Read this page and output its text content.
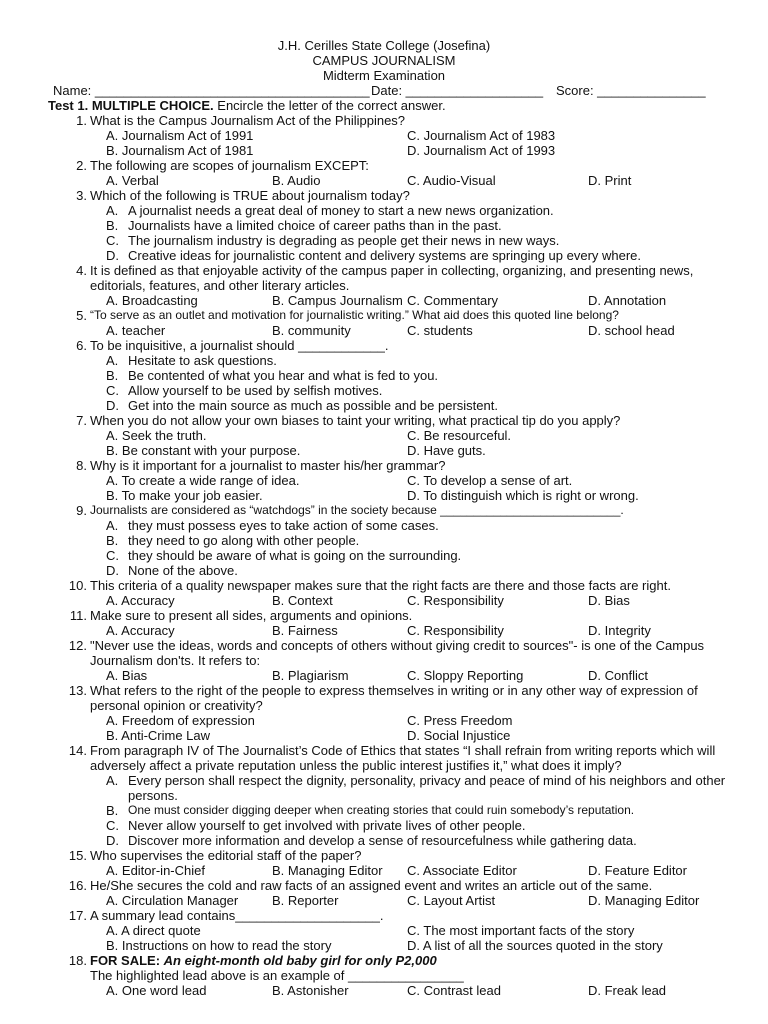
J.H. Cerilles State College (Josefina)
CAMPUS JOURNALISM
Midterm Examination
Name: ______________________________________ Date: ___________________ Score: _______________
Test 1. MULTIPLE CHOICE. Encircle the letter of the correct answer.
1. What is the Campus Journalism Act of the Philippines?
A. Journalism Act of 1991	C. Journalism Act of 1983
B. Journalism Act of 1981	D. Journalism Act of 1993
2. The following are scopes of journalism EXCEPT:
A. Verbal	B. Audio	C. Audio-Visual	D. Print
3. Which of the following is TRUE about journalism today?
A. A journalist needs a great deal of money to start a new news organization.
B. Journalists have a limited choice of career paths than in the past.
C. The journalism industry is degrading as people get their news in new ways.
D. Creative ideas for journalistic content and delivery systems are springing up every where.
4. It is defined as that enjoyable activity of the campus paper in collecting, organizing, and presenting news, editorials, features, and other literary articles.
A. Broadcasting	B. Campus Journalism C. Commentary	D. Annotation
5. “To serve as an outlet and motivation for journalistic writing.” What aid does this quoted line belong?
A. teacher	B. community	C. students	D. school head
6. To be inquisitive, a journalist should ____________.
A. Hesitate to ask questions.
B. Be contented of what you hear and what is fed to you.
C. Allow yourself to be used by selfish motives.
D. Get into the main source as much as possible and be persistent.
7. When you do not allow your own biases to taint your writing, what practical tip do you apply?
A. Seek the truth.	C. Be resourceful.
B. Be constant with your purpose.	D. Have guts.
8. Why is it important for a journalist to master his/her grammar?
A. To create a wide range of idea.	C. To develop a sense of art.
B. To make your job easier.	D. To distinguish which is right or wrong.
9. Journalists are considered as “watchdogs” in the society because ___________________________.
A. they must possess eyes to take action of some cases.
B. they need to go along with other people.
C. they should be aware of what is going on the surrounding.
D. None of the above.
10. This criteria of a quality newspaper makes sure that the right facts are there and those facts are right.
A. Accuracy	B. Context	C. Responsibility	D. Bias
11. Make sure to present all sides, arguments and opinions.
A. Accuracy	B. Fairness	C. Responsibility	D. Integrity
12. "Never use the ideas, words and concepts of others without giving credit to sources"- is one of the Campus Journalism don'ts. It refers to:
A. Bias	B. Plagiarism	C. Sloppy Reporting	D. Conflict
13. What refers to the right of the people to express themselves in writing or in any other way of expression of personal opinion or creativity?
A. Freedom of expression	C. Press Freedom
B. Anti-Crime Law	D. Social Injustice
14. From paragraph IV of The Journalist’s Code of Ethics that states “I shall refrain from writing reports which will adversely affect a private reputation unless the public interest justifies it,” what does it imply?
A. Every person shall respect the dignity, personality, privacy and peace of mind of his neighbors and other persons.
B. One must consider digging deeper when creating stories that could ruin somebody’s reputation.
C. Never allow yourself to get involved with private lives of other people.
D. Discover more information and develop a sense of resourcefulness while gathering data.
15. Who supervises the editorial staff of the paper?
A. Editor-in-Chief	B. Managing Editor C. Associate Editor	D. Feature Editor
16. He/She secures the cold and raw facts of an assigned event and writes an article out of the same.
A. Circulation Manager	B. Reporter	C. Layout Artist	D. Managing Editor
17. A summary lead contains____________________.
A. A direct quote	C. The most important facts of the story
B. Instructions on how to read the story	D. A list of all the sources quoted in the story
18. FOR SALE: An eight-month old baby girl for only P2,000
The highlighted lead above is an example of ________________
A. One word lead	B. Astonisher	C. Contrast lead	D. Freak lead
